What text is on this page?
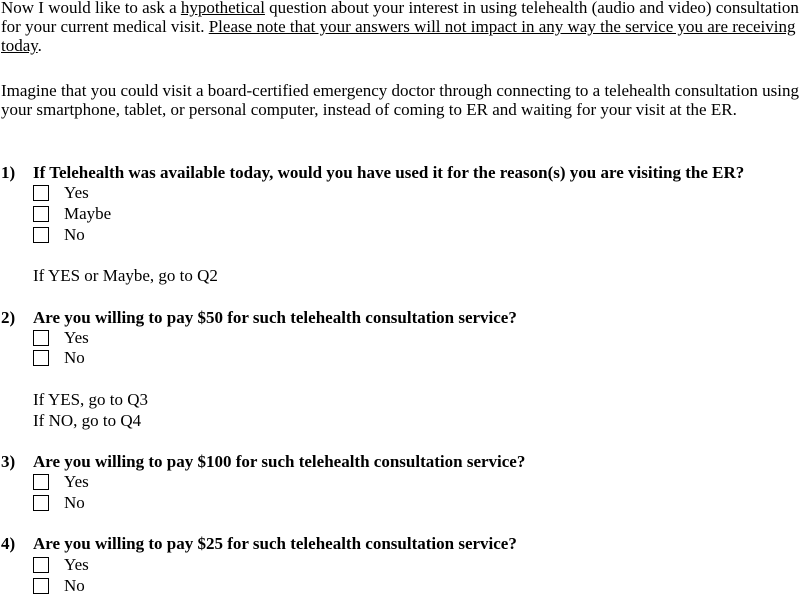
Now I would like to ask a hypothetical question about your interest in using telehealth (audio and video) consultation for your current medical visit. Please note that your answers will not impact in any way the service you are receiving today.

Imagine that you could visit a board-certified emergency doctor through connecting to a telehealth consultation using your smartphone, tablet, or personal computer, instead of coming to ER and waiting for your visit at the ER.

1) If Telehealth was available today, would you have used it for the reason(s) you are visiting the ER?
Yes
Maybe
No
If YES or Maybe, go to Q2
2) Are you willing to pay $50 for such telehealth consultation service?
Yes
No
If YES, go to Q3
If NO, go to Q4
3) Are you willing to pay $100 for such telehealth consultation service?
Yes
No
4) Are you willing to pay $25 for such telehealth consultation service?
Yes
No
